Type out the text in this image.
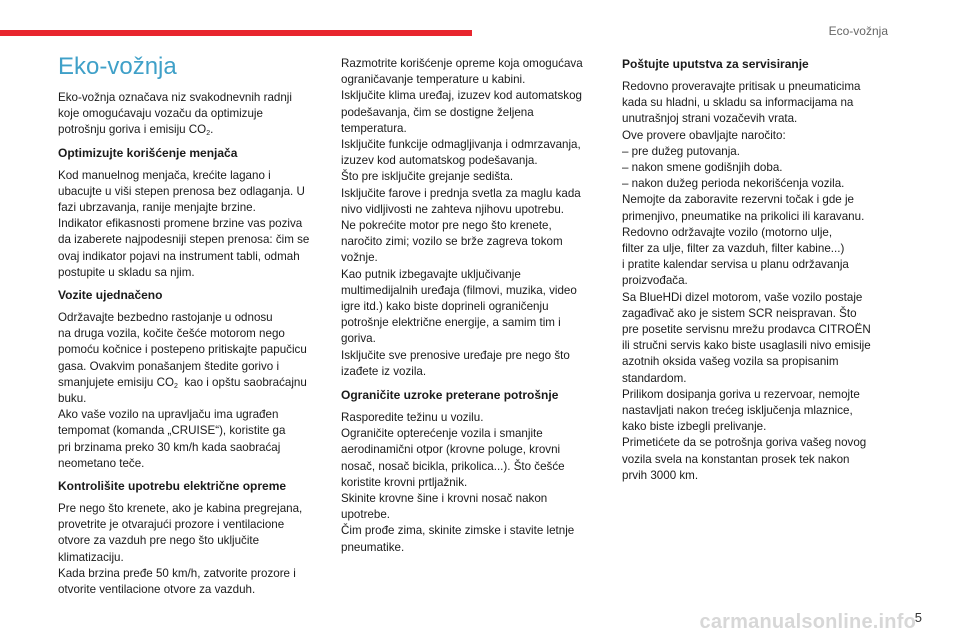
Eco-vožnja
Eko-vožnja

Eko-vožnja označava niz svakodnevnih radnji
koje omogućavaju vozaču da optimizuje
potrošnju goriva i emisiju $CO_2$.

Optimizujte korišćenje menjača

Kod manuelnog menjača, krećite lagano i
ubacujte u viši stepen prenosa bez odlaganja. U
fazi ubrzavanja, ranije menjajte brzine.
Indikator efikasnosti promene brzine vas poziva
da izaberete najpodesniji stepen prenosa: čim se
ovaj indikator pojavi na instrument tabli, odmah
postupite u skladu sa njim.

Vozite ujednačeno

Održavajte bezbedno rastojanje u odnosu
na druga vozila, kočite češće motorom nego
pomoću kočnice i postepeno pritiskajte papučicu
gasa. Ovakvim ponašanjem štedite gorivo i
smanjujete emisiju $CO_2$  kao i opštu saobraćajnu
buku.
Ako vaše vozilo na upravljaču ima ugrađen
tempomat (komanda „CRUISE“), koristite ga
pri brzinama preko 30 km/h kada saobraćaj
neometano teče.

Kontrolišite upotrebu električne opreme

Pre nego što krenete, ako je kabina pregrejana,
provetrite je otvarajući prozore i ventilacione
otvore za vazduh pre nego što uključite
klimatizaciju.
Kada brzina pređe 50 km/h, zatvorite prozore i
otvorite ventilacione otvore za vazduh.

Razmotrite korišćenje opreme koja omogućava
ograničavanje temperature u kabini.
Isključite klima uređaj, izuzev kod automatskog
podešavanja, čim se dostigne željena
temperatura.
Isključite funkcije odmagljivanja i odmrzavanja,
izuzev kod automatskog podešavanja.
Što pre isključite grejanje sedišta.
Isključite farove i prednja svetla za maglu kada
nivo vidljivosti ne zahteva njihovu upotrebu.
Ne pokrećite motor pre nego što krenete,
naročito zimi; vozilo se brže zagreva tokom
vožnje.
Kao putnik izbegavajte uključivanje
multimedijalnih uređaja (filmovi, muzika, video
igre itd.) kako biste doprineli ograničenju
potrošnje električne energije, a samim tim i
goriva.
Isključite sve prenosive uređaje pre nego što
izađete iz vozila.

Ograničite uzroke preterane potrošnje

Rasporedite težinu u vozilu.
Ograničite opterećenje vozila i smanjite
aerodinamični otpor (krovne poluge, krovni
nosač, nosač bicikla, prikolica...). Što češće
koristite krovni prtljažnik.
Skinite krovne šine i krovni nosač nakon
upotrebe.
Čim prođe zima, skinite zimske i stavite letnje
pneumatike.

Poštujte uputstva za servisiranje

Redovno proveravajte pritisak u pneumaticima
kada su hladni, u skladu sa informacijama na
unutrašnjoj strani vozačevih vrata.
Ove provere obavljajte naročito:
– pre dužeg putovanja.
– nakon smene godišnjih doba.
– nakon dužeg perioda nekorišćenja vozila.
Nemojte da zaboravite rezervni točak i gde je
primenjivo, pneumatike na prikolici ili karavanu.
Redovno održavajte vozilo (motorno ulje,
filter za ulje, filter za vazduh, filter kabine...)
i pratite kalendar servisa u planu održavanja
proizvođača.
Sa BlueHDi dizel motorom, vaše vozilo postaje
zagađivač ako je sistem SCR neispravan. Što
pre posetite servisnu mrežu prodavca CITROËN
ili stručni servis kako biste usaglasili nivo emisije
azotnih oksida vašeg vozila sa propisanim
standardom.
Prilikom dosipanja goriva u rezervoar, nemojte
nastavljati nakon trećeg isključenja mlaznice,
kako biste izbegli prelivanje.
Primetićete da se potrošnja goriva vašeg novog
vozila svela na konstantan prosek tek nakon
prvih 3000 km.

carmanualsonline.info
5
